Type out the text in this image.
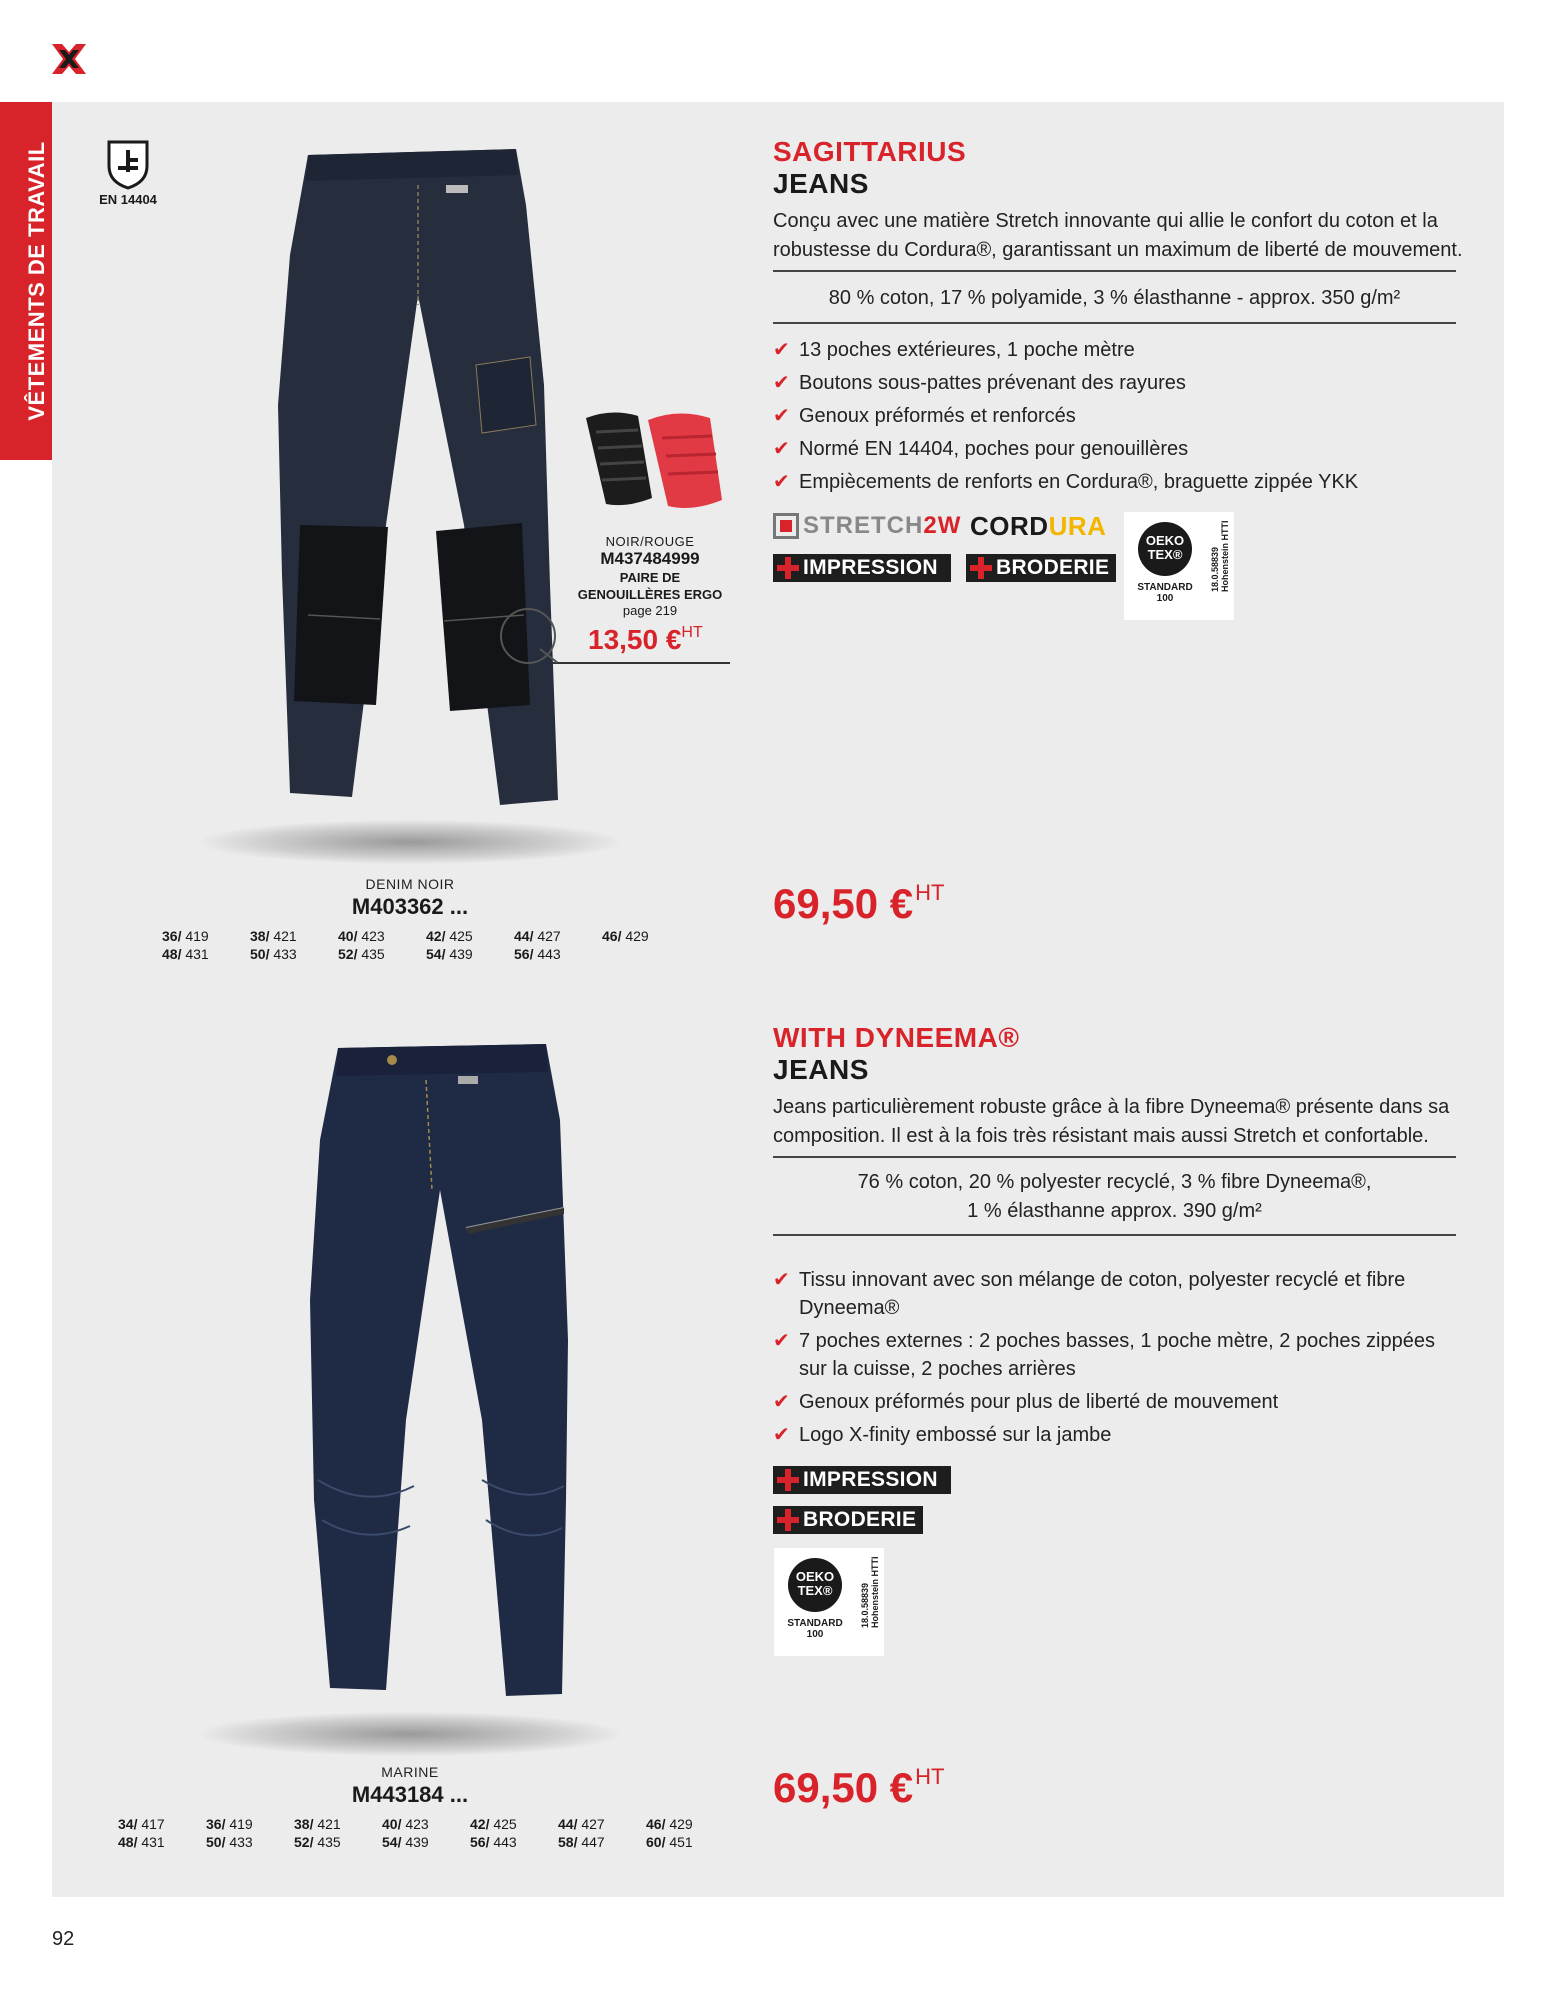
VÊTEMENTS DE TRAVAIL	EN 14404
NOIR/ROUGE
M437484999
PAIRE DE
GENOUILLÈRES ERGO
page 219
13,50 €$^{HT}$
DENIM NOIR
M403362 ...
36/ 419	38/ 421	40/ 423	42/ 425	44/ 427	46/ 429
48/ 431	50/ 433	52/ 435	54/ 439	56/ 443
SAGITTARIUS
JEANS
Conçu avec une matière Stretch innovante qui allie le confort du coton et la robustesse du Cordura®, garantissant un maximum de liberté de mouvement.
80 % coton, 17 % polyamide, 3 % élasthanne - approx. 350 g/m²
✔ 13 poches extérieures, 1 poche mètre
✔ Boutons sous-pattes prévenant des rayures
✔ Genoux préformés et renforcés
✔ Normé EN 14404, poches pour genouillères
✔ Empiècements de renforts en Cordura®, braguette zippée YKK
STRETCH2W CORDURA
IMPRESSION	BRODERIE
OEKO TEX®
STANDARD 100
18.0.58839
Hohenstein HTTI
69,50 €$^{HT}$
MARINE
M443184 ...
34/ 417	36/ 419	38/ 421	40/ 423	42/ 425	44/ 427	46/ 429
48/ 431	50/ 433	52/ 435	54/ 439	56/ 443	58/ 447	60/ 451
WITH DYNEEMA®
JEANS
Jeans particulièrement robuste grâce à la fibre Dyneema® présente dans sa composition. Il est à la fois très résistant mais aussi Stretch et confortable.
76 % coton, 20 % polyester recyclé, 3 % fibre Dyneema®,
1 % élasthanne approx. 390 g/m²
✔ Tissu innovant avec son mélange de coton, polyester recyclé et fibre Dyneema®
✔ 7 poches externes : 2 poches basses, 1 poche mètre, 2 poches zippées sur la cuisse, 2 poches arrières
✔ Genoux préformés pour plus de liberté de mouvement
✔ Logo X-finity embossé sur la jambe
IMPRESSION
BRODERIE
OEKO TEX®
STANDARD 100
18.0.58839
Hohenstein HTTI
69,50 €$^{HT}$
92
